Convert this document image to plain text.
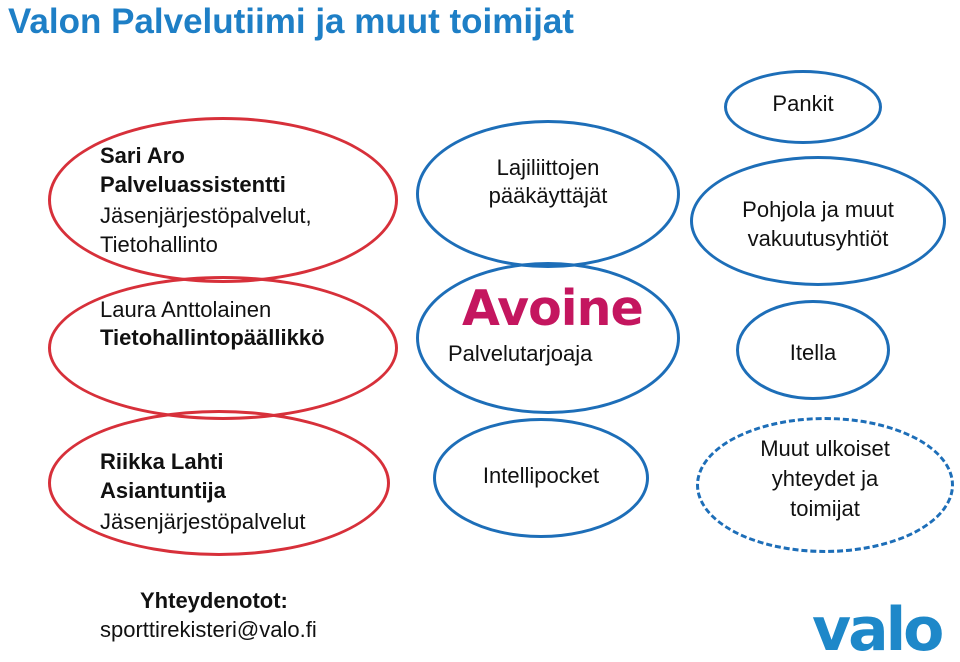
Valon Palvelutiimi ja muut toimijat
Sari Aro
Palveluassistentti
Jäsenjärjestöpalvelut,
Tietohallinto
Laura Anttolainen
Tietohallintopäällikkö
Riikka Lahti
Asiantuntija
Jäsenjärjestöpalvelut
Lajiliittojen
pääkäyttäjät
Avoine
Palvelutarjoaja
Intellipocket
Pankit
Pohjola ja muut
vakuutusyhtiöt
Itella
Muut ulkoiset
yhteydet ja
toimijat
Yhteydenotot:
sporttirekisteri@valo.fi	valo
